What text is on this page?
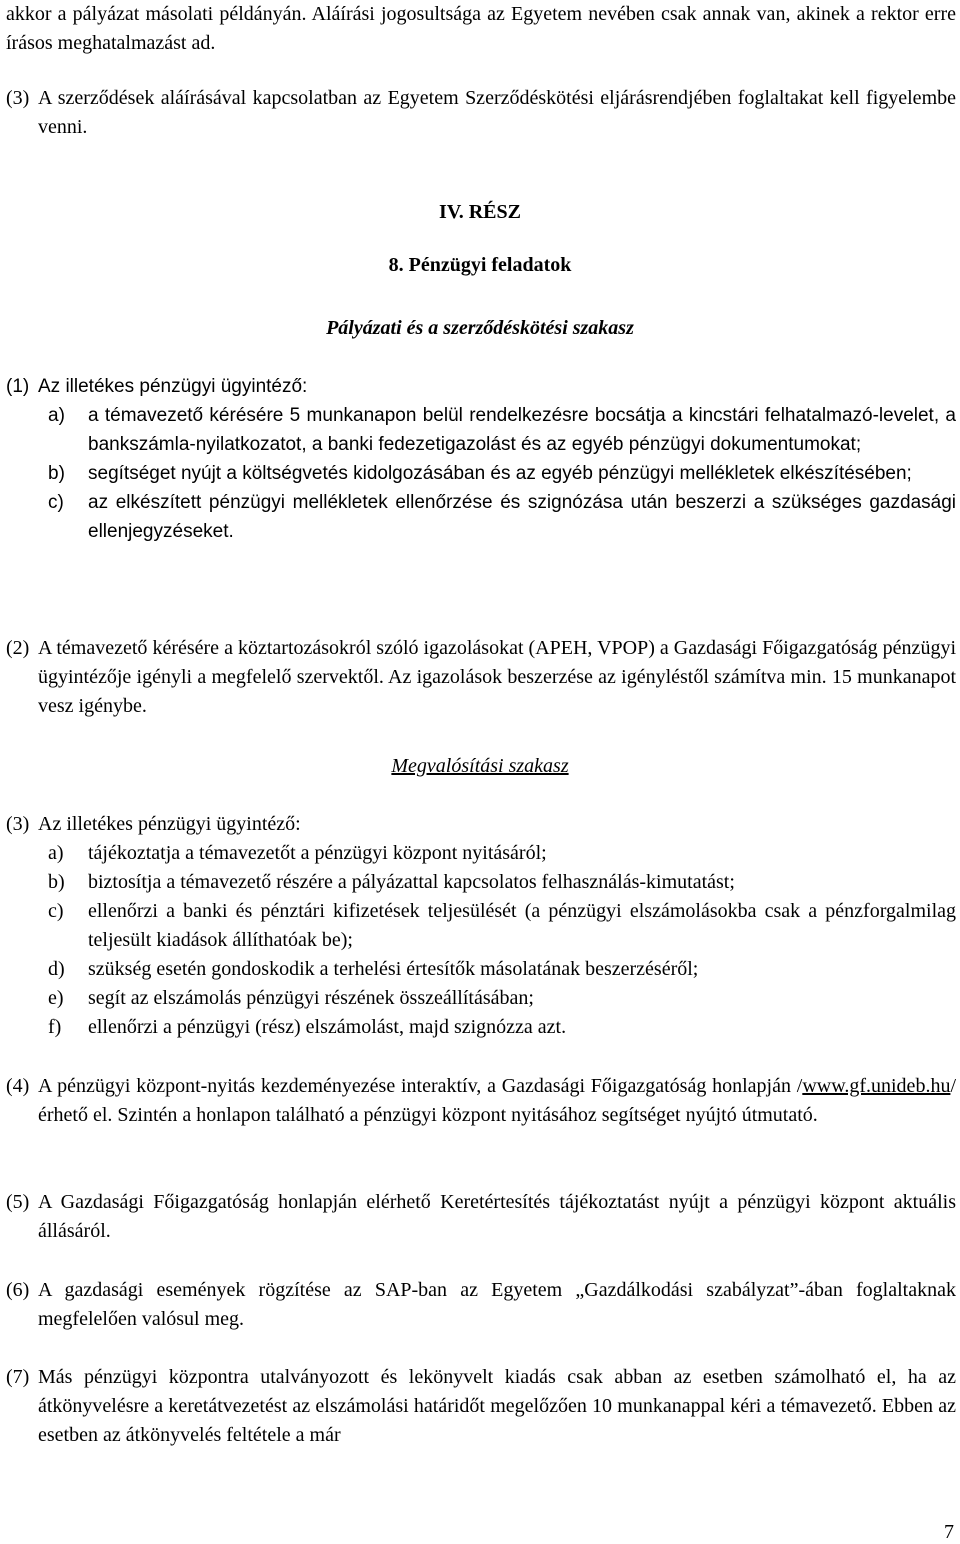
akkor a pályázat másolati példányán. Aláírási jogosultsága az Egyetem nevében csak annak van, akinek a rektor erre írásos meghatalmazást ad.
(3) A szerződések aláírásával kapcsolatban az Egyetem Szerződéskötési eljárásrendjében foglaltakat kell figyelembe venni.
IV. RÉSZ
8. Pénzügyi feladatok
Pályázati és a szerződéskötési szakasz
(1) Az illetékes pénzügyi ügyintéző:
a)	a témavezető kérésére 5 munkanapon belül rendelkezésre bocsátja a kincstári felhatalmazó-levelet, a bankszámla-nyilatkozatot, a banki fedezetigazolást és az egyéb pénzügyi dokumentumokat;
b)	segítséget nyújt a költségvetés kidolgozásában és az egyéb pénzügyi mellékletek elkészítésében;
c)	az elkészített pénzügyi mellékletek ellenőrzése és szignózása után beszerzi a szükséges gazdasági ellenjegyzéseket.
(2) A témavezető kérésére a köztartozásokról szóló igazolásokat (APEH, VPOP) a Gazdasági Főigazgatóság pénzügyi ügyintézője igényli a megfelelő szervektől. Az igazolások beszerzése az igényléstől számítva min. 15 munkanapot vesz igénybe.
Megvalósítási szakasz
(3) Az illetékes pénzügyi ügyintéző:
a)	tájékoztatja a témavezetőt a pénzügyi központ nyitásáról;
b)	biztosítja a témavezető részére a pályázattal kapcsolatos felhasználás-kimutatást;
c)	ellenőrzi a banki és pénztári kifizetések teljesülését (a pénzügyi elszámolásokba csak a pénzforgalmilag teljesült kiadások állíthatóak be);
d)	szükség esetén gondoskodik a terhelési értesítők másolatának beszerzéséről;
e)	segít az elszámolás pénzügyi részének összeállításában;
f)	ellenőrzi a pénzügyi (rész) elszámolást, majd szignózza azt.
(4) A pénzügyi központ-nyitás kezdeményezése interaktív, a Gazdasági Főigazgatóság honlapján /www.gf.unideb.hu/ érhető el. Szintén a honlapon található a pénzügyi központ nyitásához segítséget nyújtó útmutató.
(5) A Gazdasági Főigazgatóság honlapján elérhető Keretértesítés tájékoztatást nyújt a pénzügyi központ aktuális állásáról.
(6) A gazdasági események rögzítése az SAP-ban az Egyetem „Gazdálkodási szabályzat”-ában foglaltaknak megfelelően valósul meg.
(7) Más pénzügyi központra utalványozott és lekönyvelt kiadás csak abban az esetben számolható el, ha az átkönyvelésre a keretátvezetést az elszámolási határidőt megelőzően 10 munkanappal kéri a témavezető. Ebben az esetben az átkönyvelés feltétele a már
7
